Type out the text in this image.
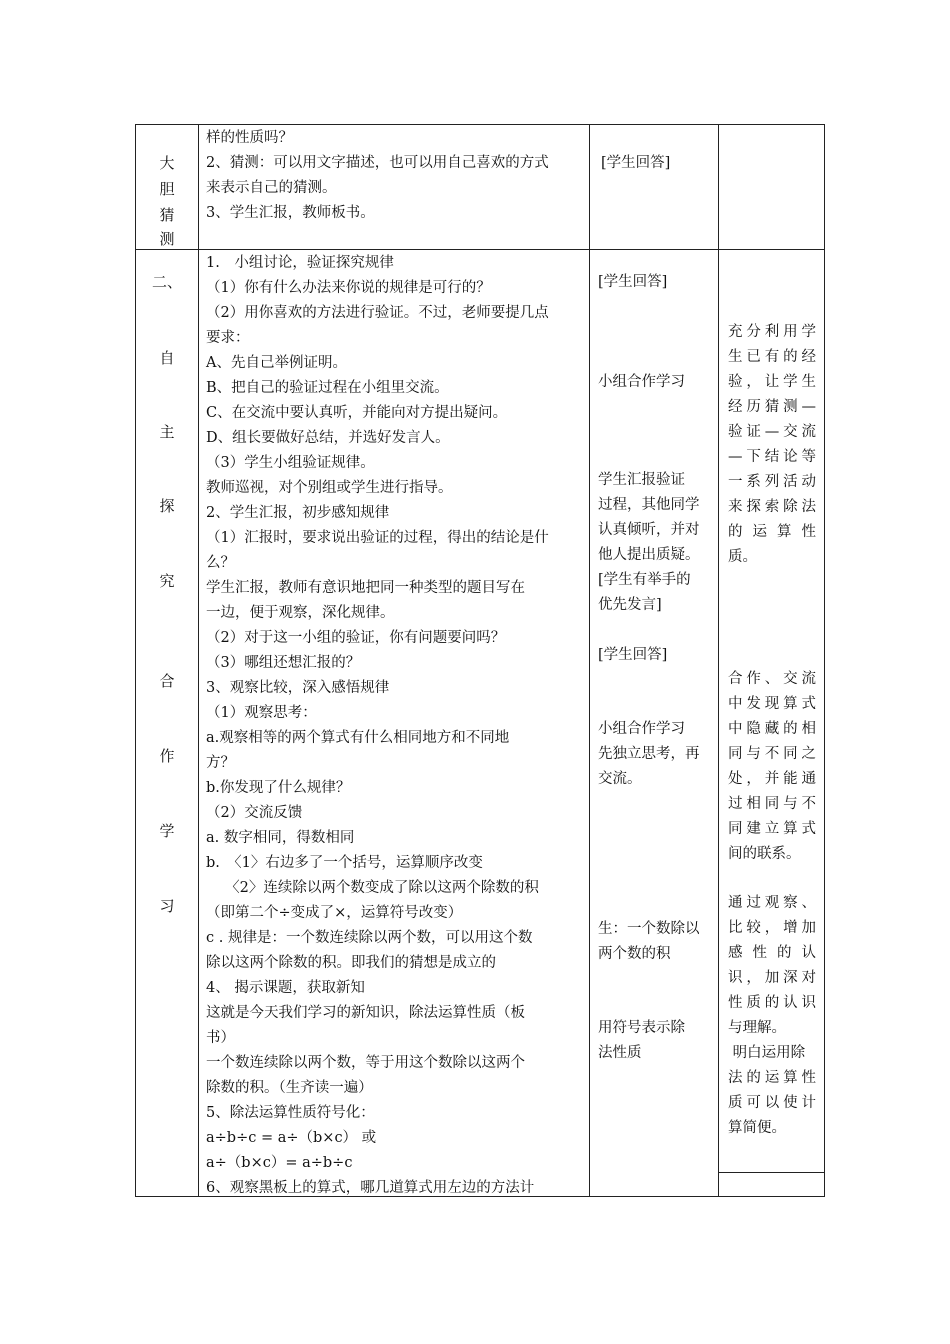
大
胆
猜
测
样的性质吗？
2、猜测：可以用文字描述，也可以用自己喜欢的方式
来表示自己的猜测。
3、学生汇报，教师板书。
[学生回答]
二、
自
主
探
究
合
作
学
习
1.　小组讨论，验证探究规律
（1）你有什么办法来你说的规律是可行的？
（2）用你喜欢的方法进行验证。不过，老师要提几点
要求：
A、先自己举例证明。
B、把自己的验证过程在小组里交流。
C、在交流中要认真听，并能向对方提出疑问。
D、组长要做好总结，并选好发言人。
（3）学生小组验证规律。
教师巡视，对个别组或学生进行指导。
2、学生汇报，初步感知规律
（1）汇报时，要求说出验证的过程，得出的结论是什
么？
学生汇报，教师有意识地把同一种类型的题目写在
一边，便于观察，深化规律。
（2）对于这一小组的验证，你有问题要问吗？
（3）哪组还想汇报的？
3、观察比较，深入感悟规律
（1）观察思考：
a.观察相等的两个算式有什么相同地方和不同地
方？
b.你发现了什么规律？
（2）交流反馈
a. 数字相同，得数相同
b.　〈1〉右边多了一个括号，运算顺序改变
　 〈2〉连续除以两个数变成了除以这两个除数的积
（即第二个÷变成了×，运算符号改变）
c . 规律是：一个数连续除以两个数，可以用这个数
除以这两个除数的积。即我们的猜想是成立的
4、 揭示课题，获取新知
这就是今天我们学习的新知识，除法运算性质（板
书）
一个数连续除以两个数，等于用这个数除以这两个
除数的积。（生齐读一遍）
5、除法运算性质符号化：
a÷b÷c = a÷（b×c） 或
a÷（b×c）= a÷b÷c
6、观察黑板上的算式，哪几道算式用左边的方法计
[学生回答]
小组合作学习
学生汇报验证
过程，其他同学
认真倾听，并对
他人提出质疑。
[学生有举手的
优先发言]
[学生回答]
小组合作学习
先独立思考，再
交流。
生：一个数除以
两个数的积
用符号表示除
法性质
充分利用学
生已有的经
验，让学生
经历猜测—
验证—交流
—下结论等
一系列活动
来探索除法
的运算性
质。
合作、交流
中发现算式
中隐藏的相
同与不同之
处，并能通
过相同与不
同建立算式
间的联系。
通过观察、
比较，增加
感性的认
识，加深对
性质的认识
与理解。
明白运用除
法的运算性
质可以使计
算简便。
